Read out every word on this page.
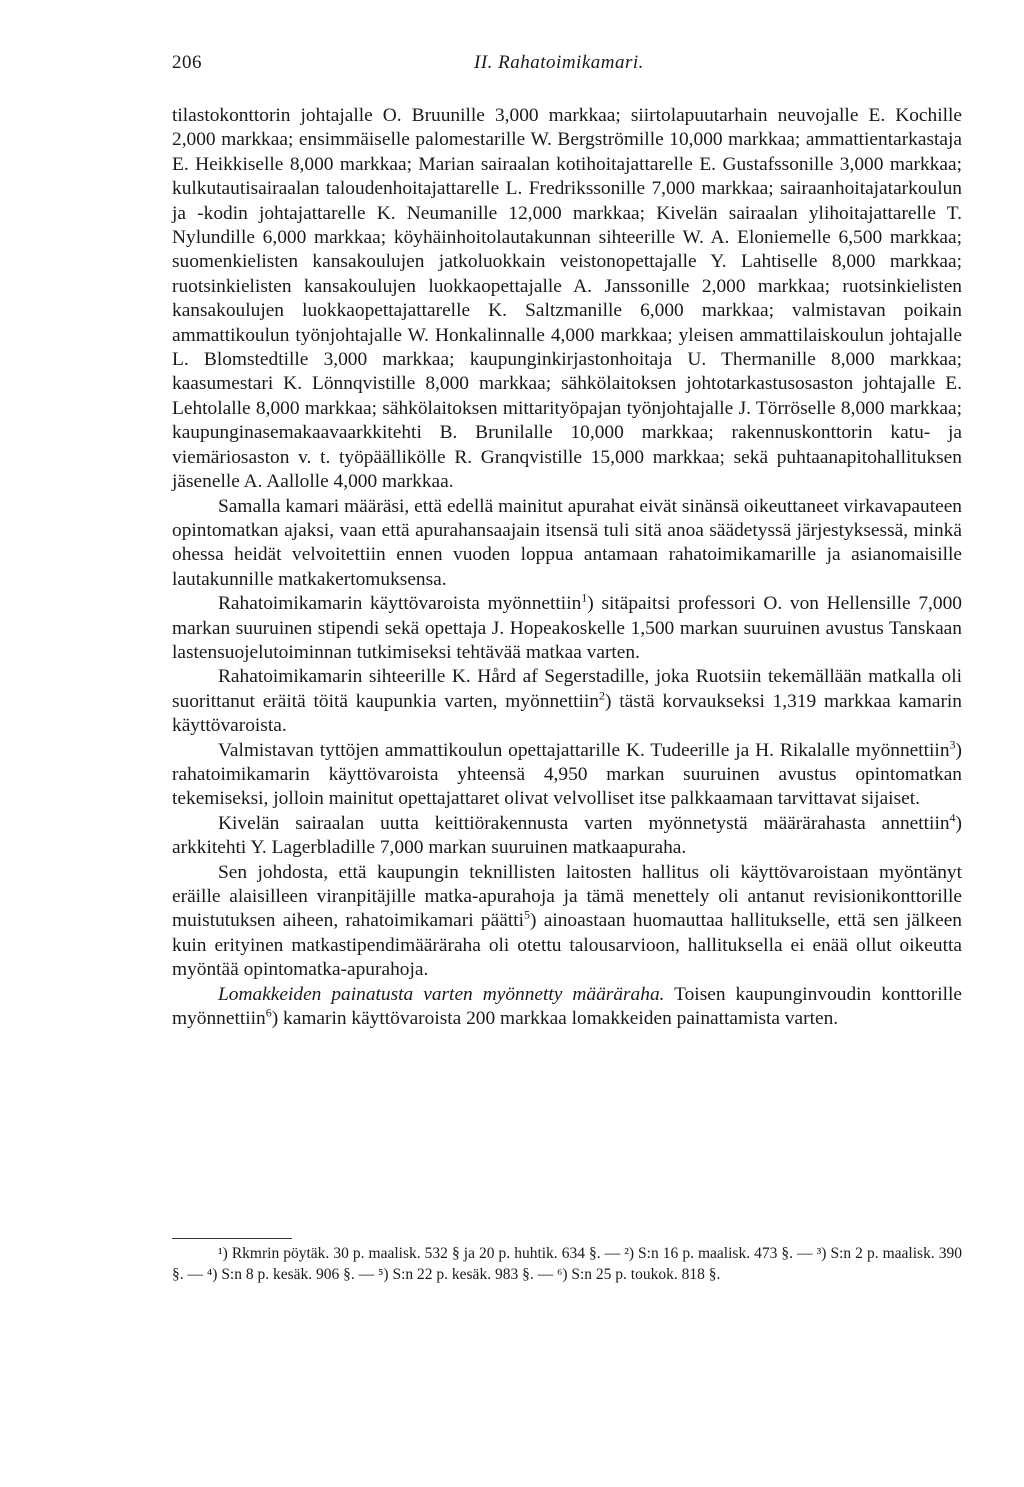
206	II. Rahatoimikamari.

tilastokonttorin johtajalle O. Bruunille 3,000 markkaa; siirtolapuutarhain neuvojalle E. Kochille 2,000 markkaa; ensimmäiselle palomestarille W. Bergströmille 10,000 markkaa; ammattientarkastaja E. Heikkiselle 8,000 markkaa; Marian sairaalan kotihoitajattarelle E. Gustafssonille 3,000 markkaa; kulkutautisairaalan taloudenhoitajattarelle L. Fredrikssonille 7,000 markkaa; sairaanhoitajatarkoulun ja -kodin johtajattarelle K. Neumanille 12,000 markkaa; Kivelän sairaalan ylihoitajattarelle T. Nylundille 6,000 markkaa; köyhäinhoitolautakunnan sihteerille W. A. Eloniemelle 6,500 markkaa; suomenkielisten kansakoulujen jatkoluokkain veistonopettajalle Y. Lahtiselle 8,000 markkaa; ruotsinkielisten kansakoulujen luokkaopettajalle A. Janssonille 2,000 markkaa; ruotsinkielisten kansakoulujen luokkaopettajattarelle K. Saltzmanille 6,000 markkaa; valmistavan poikain ammattikoulun työnjohtajalle W. Honkalinnalle 4,000 markkaa; yleisen ammattilaiskoulun johtajalle L. Blomstedtille 3,000 markkaa; kaupunginkirjastonhoitaja U. Thermanille 8,000 markkaa; kaasumestari K. Lönnqvistille 8,000 markkaa; sähkölaitoksen johtotarkastusosaston johtajalle E. Lehtolalle 8,000 markkaa; sähkölaitoksen mittarityöpajan työnjohtajalle J. Törröselle 8,000 markkaa; kaupunginasemakaavaarkkitehti B. Brunilalle 10,000 markkaa; rakennuskonttorin katu- ja viemäriosaston v. t. työpäällikölle R. Granqvistille 15,000 markkaa; sekä puhtaanapitohallituksen jäsenelle A. Aallolle 4,000 markkaa.

Samalla kamari määräsi, että edellä mainitut apurahat eivät sinänsä oikeuttaneet virkavapauteen opintomatkan ajaksi, vaan että apurahansaajain itsensä tuli sitä anoa säädetyssä järjestyksessä, minkä ohessa heidät velvoitettiin ennen vuoden loppua antamaan rahatoimikamarille ja asianomaisille lautakunnille matkakertomuksensa.

Rahatoimikamarin käyttövaroista myönnettiin$^1$) sitäpaitsi professori O. von Hellensille 7,000 markan suuruinen stipendi sekä opettaja J. Hopeakoskelle 1,500 markan suuruinen avustus Tanskaan lastensuojelutoiminnan tutkimiseksi tehtävää matkaa varten.

Rahatoimikamarin sihteerille K. Hård af Segerstadille, joka Ruotsiin tekemällään matkalla oli suorittanut eräitä töitä kaupunkia varten, myönnettiin$^2$) tästä korvaukseksi 1,319 markkaa kamarin käyttövaroista.

Valmistavan tyttöjen ammattikoulun opettajattarille K. Tudeerille ja H. Rikalalle myönnettiin$^3$) rahatoimikamarin käyttövaroista yhteensä 4,950 markan suuruinen avustus opintomatkan tekemiseksi, jolloin mainitut opettajattaret olivat velvolliset itse palkkaamaan tarvittavat sijaiset.

Kivelän sairaalan uutta keittiörakennusta varten myönnetystä määrärahasta annettiin$^4$) arkkitehti Y. Lagerbladille 7,000 markan suuruinen matkaapuraha.

Sen johdosta, että kaupungin teknillisten laitosten hallitus oli käyttövaroistaan myöntänyt eräille alaisilleen viranpitäjille matka-apurahoja ja tämä menettely oli antanut revisionikonttorille muistutuksen aiheen, rahatoimikamari päätti$^5$) ainoastaan huomauttaa hallitukselle, että sen jälkeen kuin erityinen matkastipendimääräraha oli otettu talousarvioon, hallituksella ei enää ollut oikeutta myöntää opintomatka-apurahoja.

Lomakkeiden painatusta varten myönnetty määräraha. Toisen kaupunginvoudin konttorille myönnettiin$^6$) kamarin käyttövaroista 200 markkaa lomakkeiden painattamista varten.

¹) Rkmrin pöytäk. 30 p. maalisk. 532 § ja 20 p. huhtik. 634 §. — ²) S:n 16 p. maalisk. 473 §. — ³) S:n 2 p. maalisk. 390 §. — ⁴) S:n 8 p. kesäk. 906 §. — ⁵) S:n 22 p. kesäk. 983 §. — ⁶) S:n 25 p. toukok. 818 §.
